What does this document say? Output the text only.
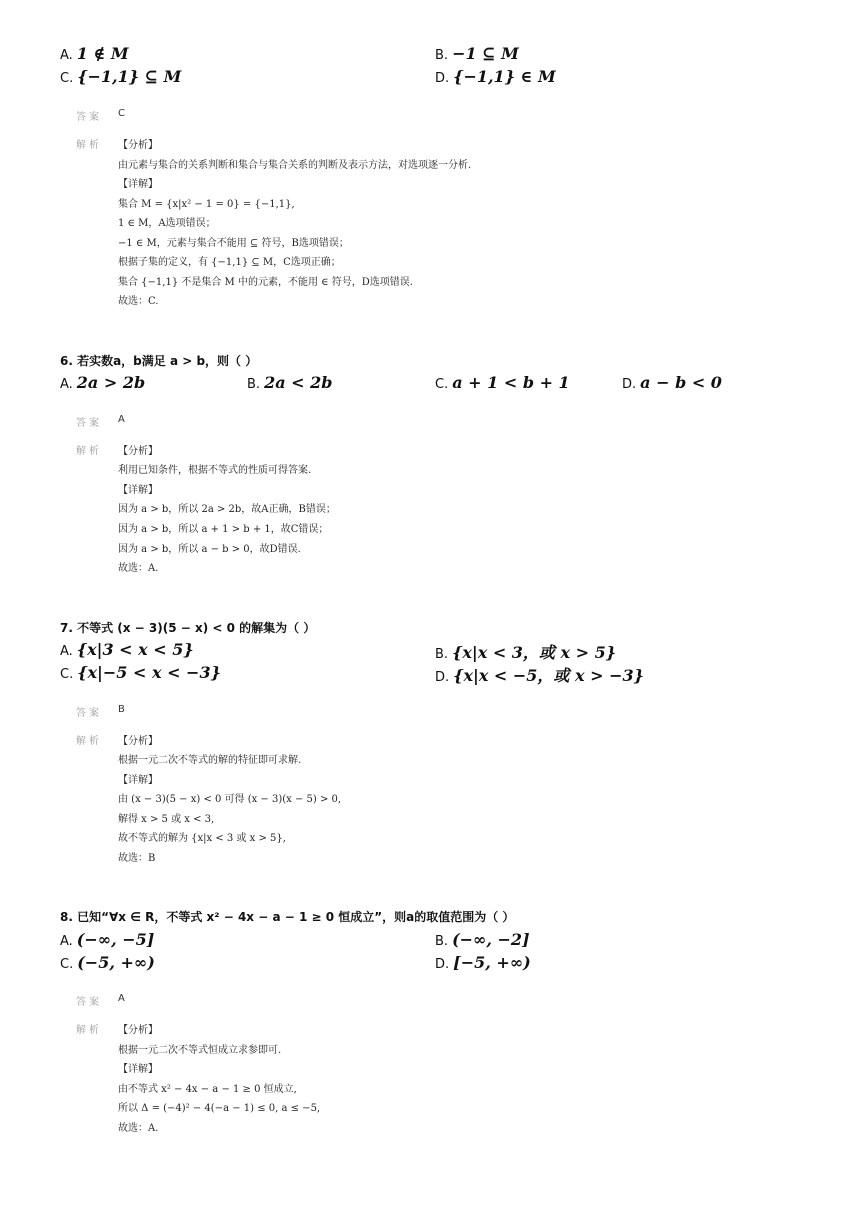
A. 1 ∉ M	B. −1 ⊆ M
C. {−1,1} ⊆ M	D. {−1,1} ∈ M
答案 C
解析 【分析】
由元素与集合的关系判断和集合与集合关系的判断及表示方法，对选项逐一分析.
【详解】
集合 M = {x|x² − 1 = 0} = {−1,1},
1 ∈ M，A选项错误；
−1 ∈ M，元素与集合不能用 ⊆ 符号，B选项错误；
根据子集的定义，有 {−1,1} ⊆ M，C选项正确；
集合 {−1,1} 不是集合 M 中的元素，不能用 ∈ 符号，D选项错误.
故选：C.
6. 若实数a，b满足 a > b，则（ ）
A. 2a > 2b	B. 2a < 2b	C. a + 1 < b + 1	D. a − b < 0
答案 A
解析 【分析】
利用已知条件，根据不等式的性质可得答案.
【详解】
因为 a > b，所以 2a > 2b，故A正确，B错误；
因为 a > b，所以 a + 1 > b + 1，故C错误；
因为 a > b，所以 a − b > 0，故D错误.
故选：A.
7. 不等式 (x − 3)(5 − x) < 0 的解集为（ ）
A. {x|3 < x < 5}	B. {x|x < 3，或 x > 5}
C. {x|−5 < x < −3}	D. {x|x < −5，或 x > −3}
答案 B
解析 【分析】
根据一元二次不等式的解的特征即可求解.
【详解】
由 (x − 3)(5 − x) < 0 可得 (x − 3)(x − 5) > 0,
解得 x > 5 或 x < 3,
故不等式的解为 {x|x < 3 或 x > 5},
故选：B
8. 已知“∀x ∈ R，不等式 x² − 4x − a − 1 ≥ 0 恒成立”，则a的取值范围为（ ）
A. (−∞, −5]	B. (−∞, −2]
C. (−5, +∞)	D. [−5, +∞)
答案 A
解析 【分析】
根据一元二次不等式恒成立求参即可.
【详解】
由不等式 x² − 4x − a − 1 ≥ 0 恒成立,
所以 Δ = (−4)² − 4(−a − 1) ≤ 0, a ≤ −5,
故选：A.
